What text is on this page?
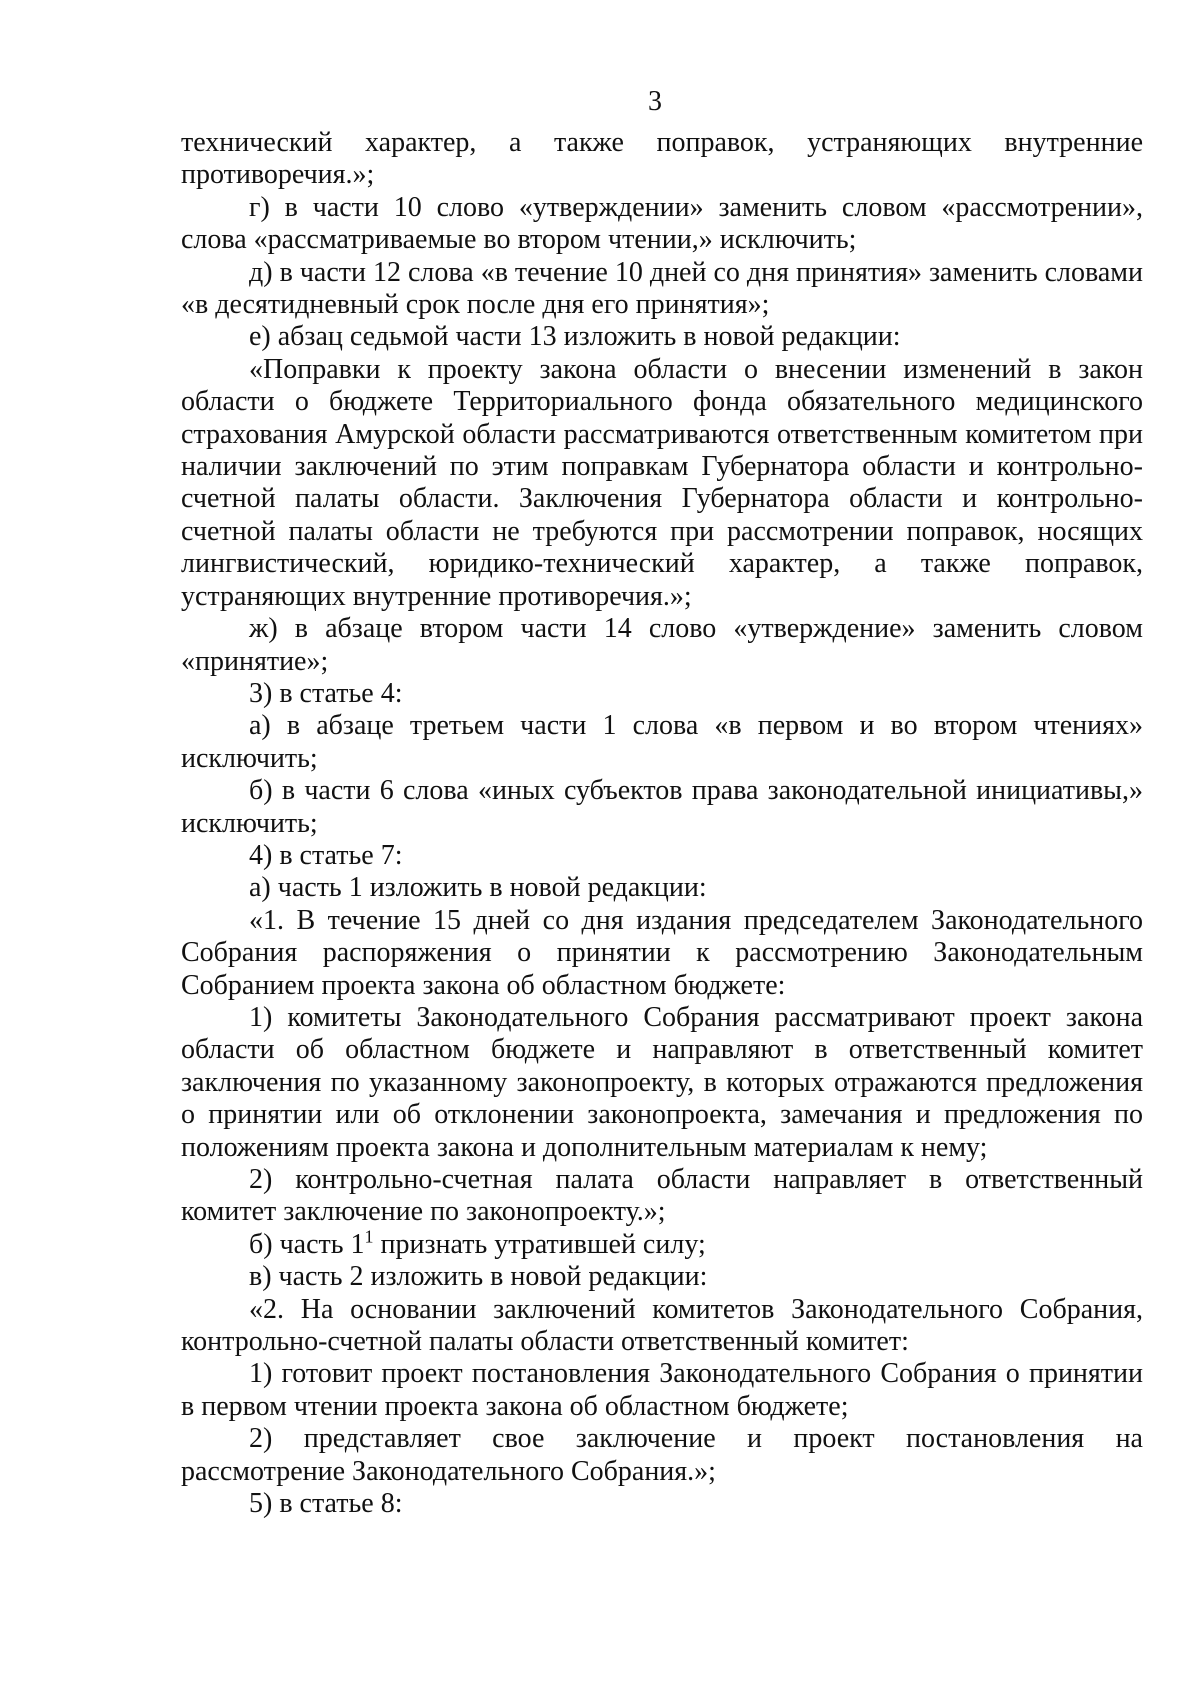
3

технический характер, а также поправок, устраняющих внутренние противоречия.»;

г) в части 10 слово «утверждении» заменить словом «рассмотрении», слова «рассматриваемые во втором чтении,» исключить;

д) в части 12 слова «в течение 10 дней со дня принятия» заменить словами «в десятидневный срок после дня его принятия»;

е) абзац седьмой части 13 изложить в новой редакции:

«Поправки к проекту закона области о внесении изменений в закон области о бюджете Территориального фонда обязательного медицинского страхования Амурской области рассматриваются ответственным комитетом при наличии заключений по этим поправкам Губернатора области и контрольно-счетной палаты области. Заключения Губернатора области и контрольно-счетной палаты области не требуются при рассмотрении поправок, носящих лингвистический, юридико-технический характер, а также поправок, устраняющих внутренние противоречия.»;

ж) в абзаце втором части 14 слово «утверждение» заменить словом «принятие»;

3) в статье 4:

а) в абзаце третьем части 1 слова «в первом и во втором чтениях» исключить;

б) в части 6 слова «иных субъектов права законодательной инициативы,» исключить;

4) в статье 7:

а) часть 1 изложить в новой редакции:

«1. В течение 15 дней со дня издания председателем Законодательного Собрания распоряжения о принятии к рассмотрению Законодательным Собранием проекта закона об областном бюджете:

1) комитеты Законодательного Собрания рассматривают проект закона области об областном бюджете и направляют в ответственный комитет заключения по указанному законопроекту, в которых отражаются предложения о принятии или об отклонении законопроекта, замечания и предложения по положениям проекта закона и дополнительным материалам к нему;

2) контрольно-счетная палата области направляет в ответственный комитет заключение по законопроекту.»;

б) часть $1^1$ признать утратившей силу;

в) часть 2 изложить в новой редакции:

«2. На основании заключений комитетов Законодательного Собрания, контрольно-счетной палаты области ответственный комитет:

1) готовит проект постановления Законодательного Собрания о принятии в первом чтении проекта закона об областном бюджете;

2) представляет свое заключение и проект постановления на рассмотрение Законодательного Собрания.»;

5) в статье 8:
